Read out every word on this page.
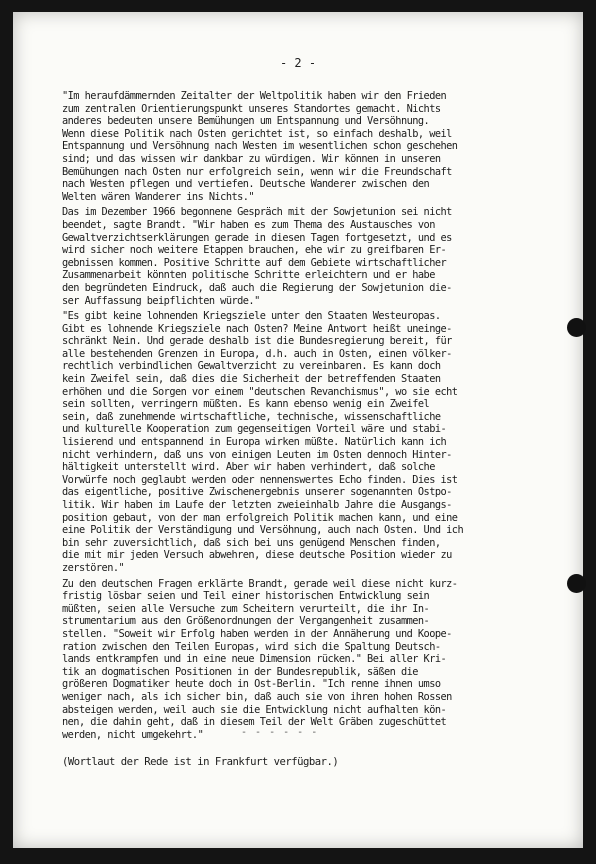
- 2 -
"Im heraufdämmernden Zeitalter der Weltpolitik haben wir den Frieden
zum zentralen Orientierungspunkt unseres Standortes gemacht. Nichts
anderes bedeuten unsere Bemühungen um Entspannung und Versöhnung.
Wenn diese Politik nach Osten gerichtet ist, so einfach deshalb, weil
Entspannung und Versöhnung nach Westen im wesentlichen schon geschehen
sind; und das wissen wir dankbar zu würdigen. Wir können in unseren
Bemühungen nach Osten nur erfolgreich sein, wenn wir die Freundschaft
nach Westen pflegen und vertiefen. Deutsche Wanderer zwischen den
Welten wären Wanderer ins Nichts."
Das im Dezember 1966 begonnene Gespräch mit der Sowjetunion sei nicht
beendet, sagte Brandt. "Wir haben es zum Thema des Austausches von
Gewaltverzichtserklärungen gerade in diesen Tagen fortgesetzt, und es
wird sicher noch weitere Etappen brauchen, ehe wir zu greifbaren Er-
gebnissen kommen. Positive Schritte auf dem Gebiete wirtschaftlicher
Zusammenarbeit könnten politische Schritte erleichtern und er habe
den begründeten Eindruck, daß auch die Regierung der Sowjetunion die-
ser Auffassung beipflichten würde."
"Es gibt keine lohnenden Kriegsziele unter den Staaten Westeuropas.
Gibt es lohnende Kriegsziele nach Osten? Meine Antwort heißt uneinge-
schränkt Nein. Und gerade deshalb ist die Bundesregierung bereit, für
alle bestehenden Grenzen in Europa, d.h. auch in Osten, einen völker-
rechtlich verbindlichen Gewaltverzicht zu vereinbaren. Es kann doch
kein Zweifel sein, daß dies die Sicherheit der betreffenden Staaten
erhöhen und die Sorgen vor einem "deutschen Revanchismus", wo sie echt
sein sollten, verringern müßten. Es kann ebenso wenig ein Zweifel
sein, daß zunehmende wirtschaftliche, technische, wissenschaftliche
und kulturelle Kooperation zum gegenseitigen Vorteil wäre und stabi-
lisierend und entspannend in Europa wirken müßte. Natürlich kann ich
nicht verhindern, daß uns von einigen Leuten im Osten dennoch Hinter-
hältigkeit unterstellt wird. Aber wir haben verhindert, daß solche
Vorwürfe noch geglaubt werden oder nennenswertes Echo finden. Dies ist
das eigentliche, positive Zwischenergebnis unserer sogenannten Ostpo-
litik. Wir haben im Laufe der letzten zweieinhalb Jahre die Ausgangs-
position gebaut, von der man erfolgreich Politik machen kann, und eine
eine Politik der Verständigung und Versöhnung, auch nach Osten. Und ich
bin sehr zuversichtlich, daß sich bei uns genügend Menschen finden,
die mit mir jeden Versuch abwehren, diese deutsche Position wieder zu
zerstören."
Zu den deutschen Fragen erklärte Brandt, gerade weil diese nicht kurz-
fristig lösbar seien und Teil einer historischen Entwicklung sein
müßten, seien alle Versuche zum Scheitern verurteilt, die ihr In-
strumentarium aus den Größenordnungen der Vergangenheit zusammen-
stellen. "Soweit wir Erfolg haben werden in der Annäherung und Koope-
ration zwischen den Teilen Europas, wird sich die Spaltung Deutsch-
lands entkrampfen und in eine neue Dimension rücken." Bei aller Kri-
tik an dogmatischen Positionen in der Bundesrepublik, säßen die
größeren Dogmatiker heute doch in Ost-Berlin. "Ich renne ihnen umso
weniger nach, als ich sicher bin, daß auch sie von ihren hohen Rossen
absteigen werden, weil auch sie die Entwicklung nicht aufhalten kön-
nen, die dahin geht, daß in diesem Teil der Welt Gräben zugeschüttet
werden, nicht umgekehrt."	- - - - - -
(Wortlaut der Rede ist in Frankfurt verfügbar.)
